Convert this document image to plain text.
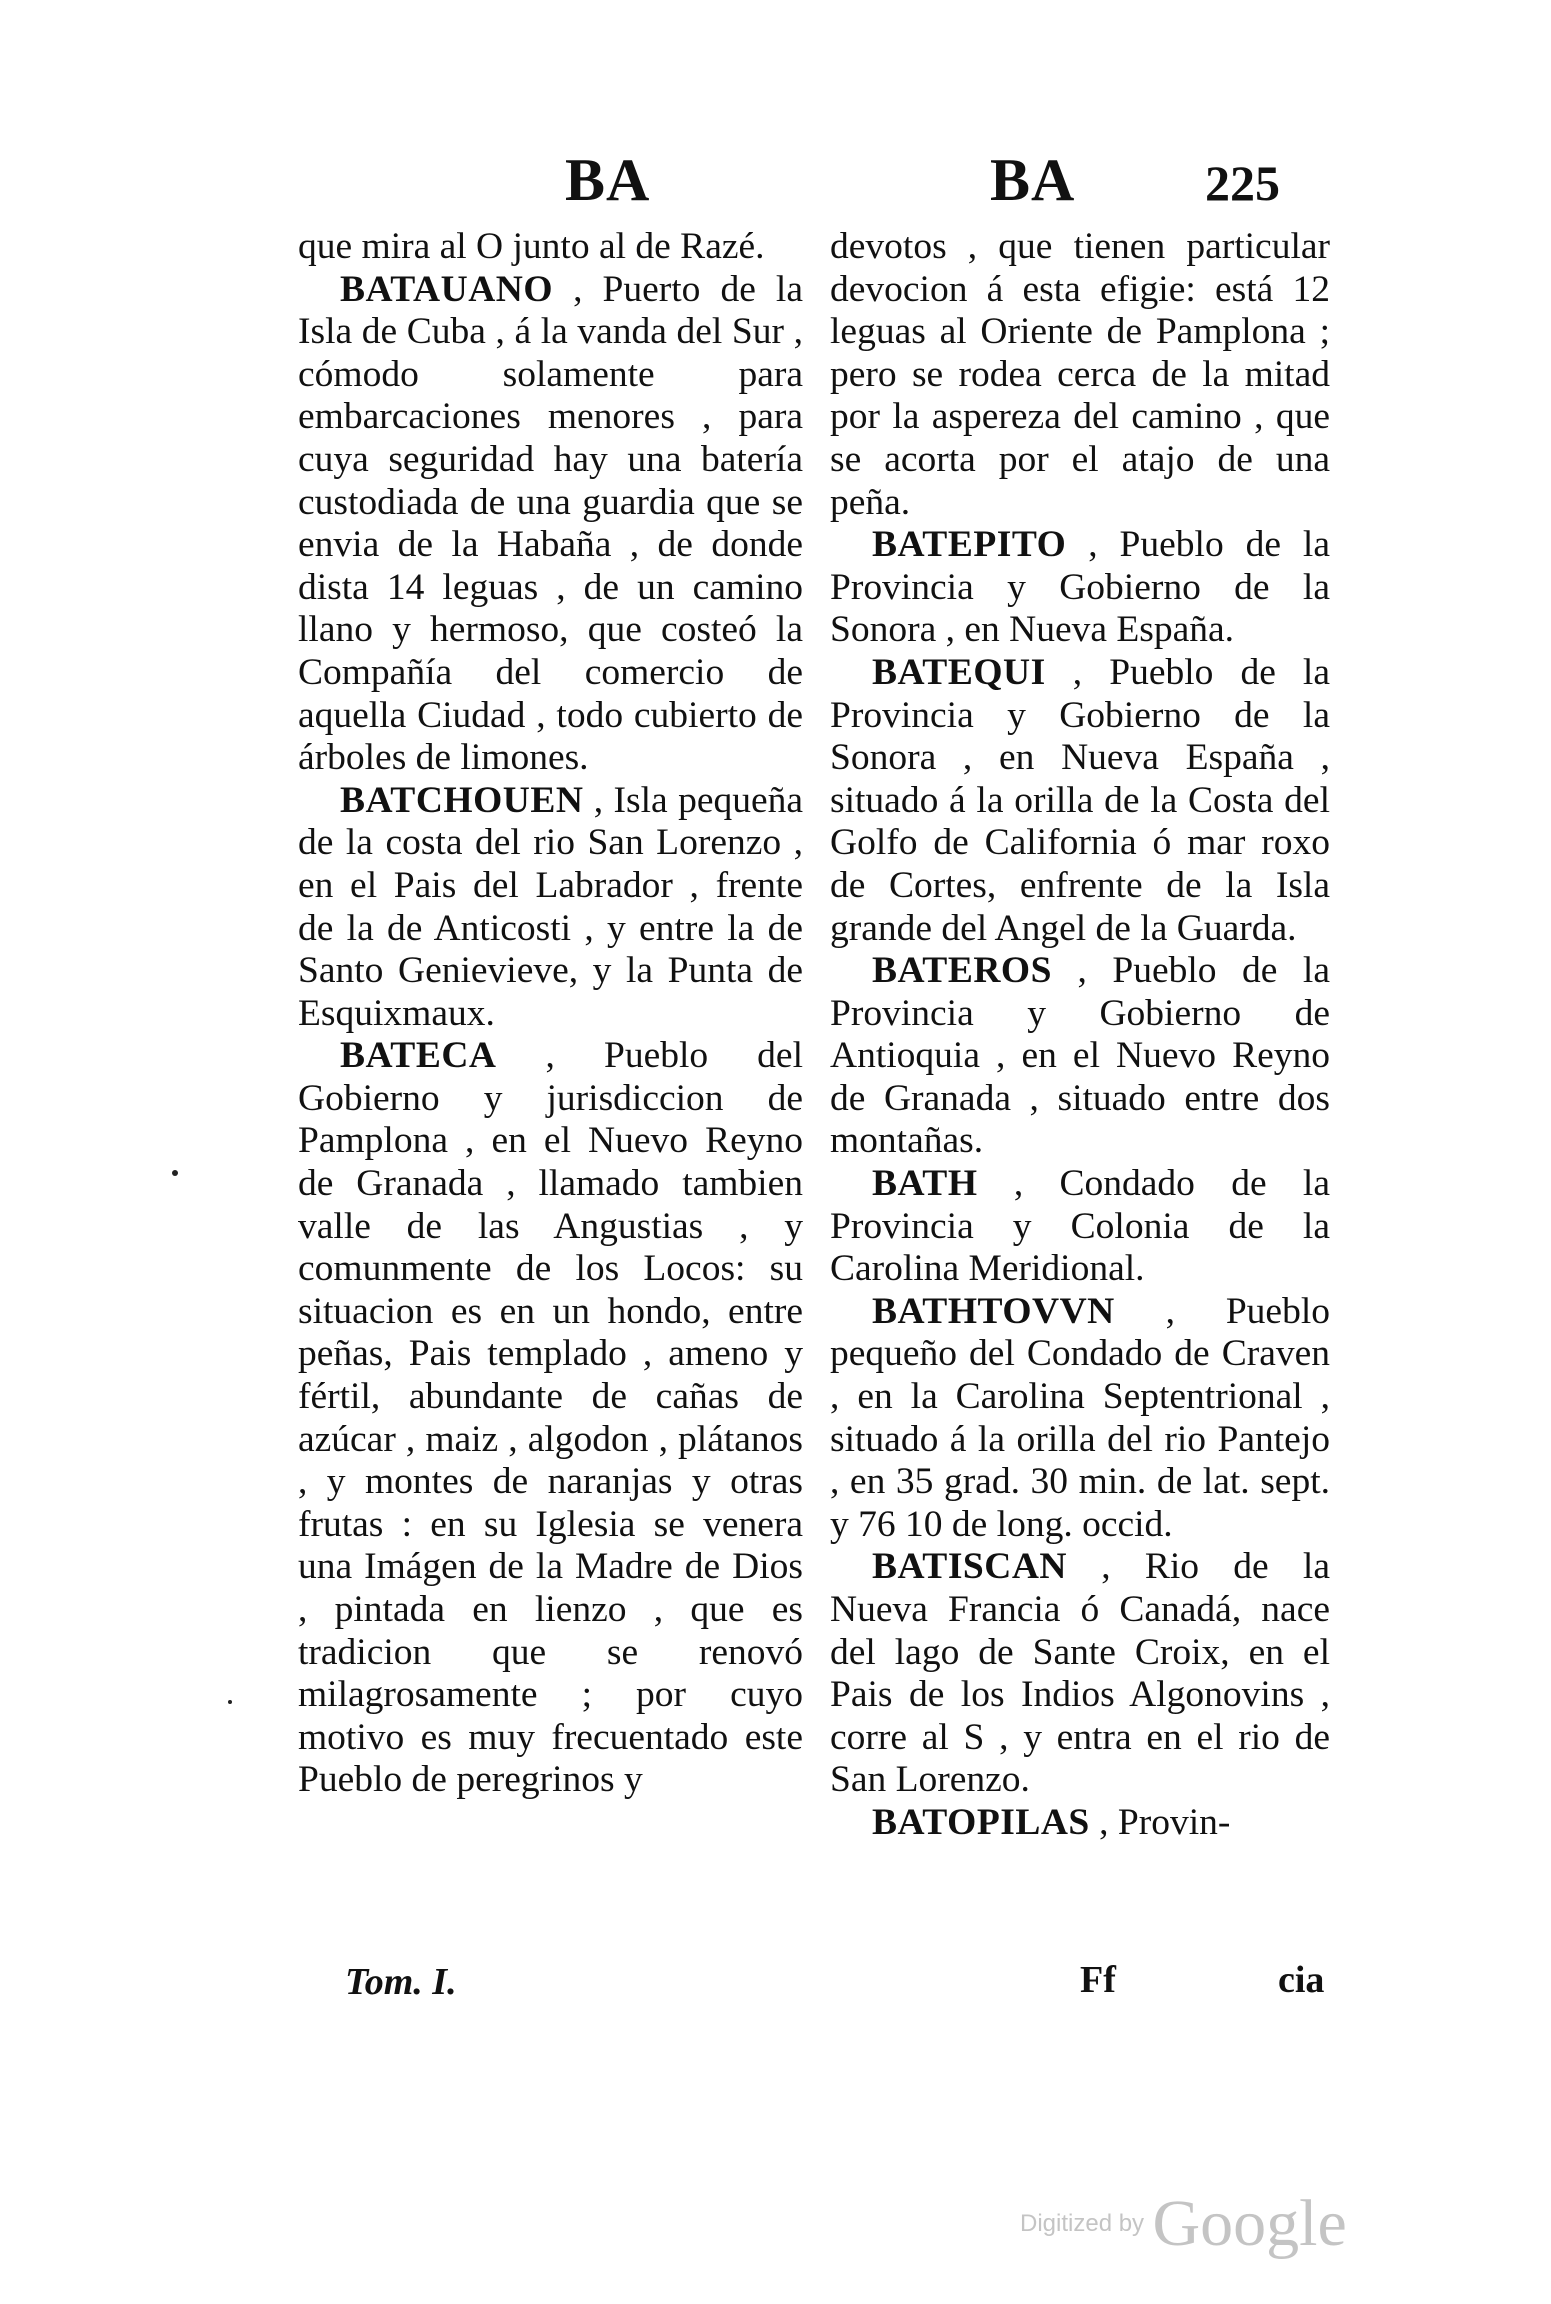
BA	BA	225

que mira al O junto al de Razé.

BATAUANO , Puerto de la Isla de Cuba , á la vanda del Sur , cómodo solamente para embarcaciones menores , para cuya seguridad hay una batería custodiada de una guardia que se envia de la Habaña , de donde dista 14 leguas , de un camino llano y hermoso, que costeó la Compañía del comercio de aquella Ciudad , todo cubierto de árboles de limones.

BATCHOUEN , Isla pequeña de la costa del rio San Lorenzo , en el Pais del Labrador , frente de la de Anticosti , y entre la de Santo Genievieve, y la Punta de Esquixmaux.

BATECA , Pueblo del Gobierno y jurisdiccion de Pamplona , en el Nuevo Reyno de Granada , llamado tambien valle de las Angustias , y comunmente de los Locos: su situacion es en un hondo, entre peñas, Pais templado , ameno y fértil, abundante de cañas de azúcar , maiz , algodon , plátanos , y montes de naranjas y otras frutas : en su Iglesia se venera una Imágen de la Madre de Dios , pintada en lienzo , que es tradicion que se renovó milagrosamente ; por cuyo motivo es muy frecuentado este Pueblo de peregrinos y

devotos , que tienen particular devocion á esta efigie: está 12 leguas al Oriente de Pamplona ; pero se rodea cerca de la mitad por la aspereza del camino , que se acorta por el atajo de una peña.

BATEPITO , Pueblo de la Provincia y Gobierno de la Sonora , en Nueva España.

BATEQUI , Pueblo de la Provincia y Gobierno de la Sonora , en Nueva España , situado á la orilla de la Costa del Golfo de California ó mar roxo de Cortes, enfrente de la Isla grande del Angel de la Guarda.

BATEROS , Pueblo de la Provincia y Gobierno de Antioquia , en el Nuevo Reyno de Granada , situado entre dos montañas.

BATH , Condado de la Provincia y Colonia de la Carolina Meridional.

BATHTOVVN , Pueblo pequeño del Condado de Craven , en la Carolina Septentrional , situado á la orilla del rio Pantejo , en 35 grad. 30 min. de lat. sept. y 76 10 de long. occid.

BATISCAN , Rio de la Nueva Francia ó Canadá, nace del lago de Sante Croix, en el Pais de los Indios Algonovins , corre al S , y entra en el rio de San Lorenzo.

BATOPILAS , Provin-

Tom. I.	Ff	cia
Digitized by Google
